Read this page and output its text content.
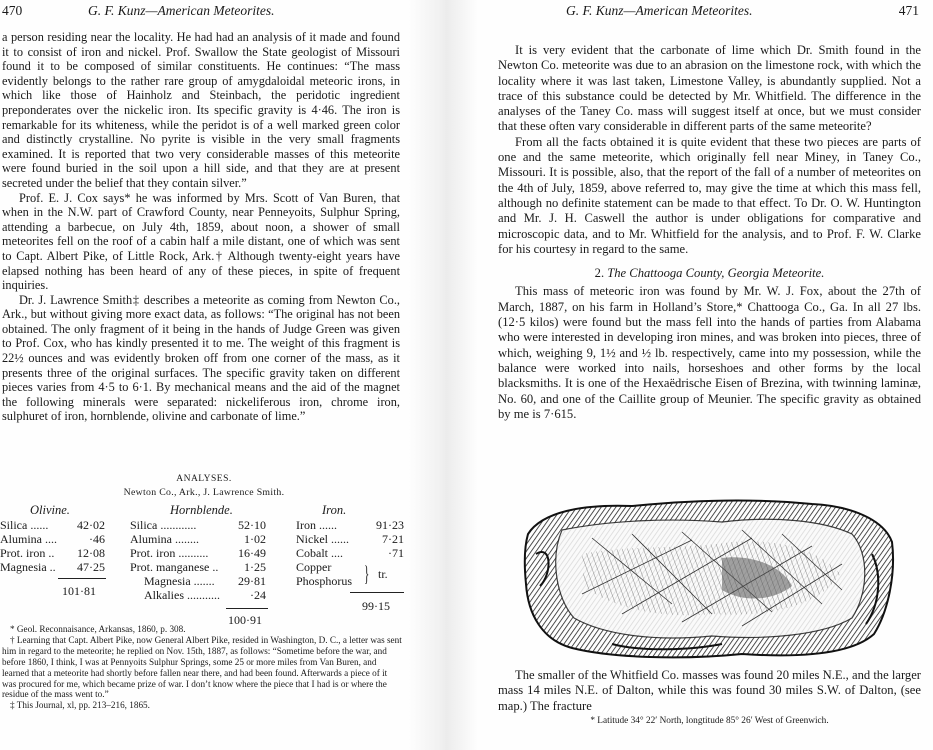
470	G. F. Kunz—American Meteorites.

a person residing near the locality. He had had an analysis of it made and found it to consist of iron and nickel. Prof. Swallow the State geologist of Missouri found it to be composed of similar constituents. He continues: “The mass evidently belongs to the rather rare group of amygdaloidal meteoric irons, in which like those of Hainholz and Steinbach, the peridotic ingredient preponderates over the nickelic iron. Its specific gravity is 4·46. The iron is remarkable for its whiteness, while the peridot is of a well marked green color and distinctly crystalline. No pyrite is visible in the very small fragments examined. It is reported that two very considerable masses of this meteorite were found buried in the soil upon a hill side, and that they are at present secreted under the belief that they contain silver.”

Prof. E. J. Cox says* he was informed by Mrs. Scott of Van Buren, that when in the N.W. part of Crawford County, near Penneyoits, Sulphur Spring, attending a barbecue, on July 4th, 1859, about noon, a shower of small meteorites fell on the roof of a cabin half a mile distant, one of which was sent to Capt. Albert Pike, of Little Rock, Ark.† Although twenty-eight years have elapsed nothing has been heard of any of these pieces, in spite of frequent inquiries.

Dr. J. Lawrence Smith‡ describes a meteorite as coming from Newton Co., Ark., but without giving more exact data, as follows: “The original has not been obtained. The only fragment of it being in the hands of Judge Green was given to Prof. Cox, who has kindly presented it to me. The weight of this fragment is 22½ ounces and was evidently broken off from one corner of the mass, as it presents three of the original surfaces. The specific gravity taken on different pieces varies from 4·5 to 6·1. By mechanical means and the aid of the magnet the following minerals were separated: nickeliferous iron, chrome iron, sulphuret of iron, hornblende, olivine and carbonate of lime.”

ANALYSES.
Newton Co., Ark., J. Lawrence Smith.
Olivine.	Hornblende.	Iron.
Silica ...... 42·02
Alumina ....	·46
Prot. iron .. 12·08
Magnesia .. 47·25
101·81
Silica ............	52·10
Alumina ........	1·02
Prot. iron .......... 16·49
Prot. manganese .. 1·25
Magnesia ....... 29·81
Alkalies ...........	·24
100·91
Iron ......	91·23
Nickel ......	7·21
Cobalt ....	·71
Copper
Phosphorus } tr.
99·15

* Geol. Reconnaisance, Arkansas, 1860, p. 308.

† Learning that Capt. Albert Pike, now General Albert Pike, resided in Washington, D. C., a letter was sent him in regard to the meteorite; he replied on Nov. 15th, 1887, as follows: “Sometime before the war, and before 1860, I think, I was at Pennyoits Sulphur Springs, some 25 or more miles from Van Buren, and learned that a meteorite had shortly before fallen near there, and had been found. Afterwards a piece of it was procured for me, which became prize of war. I don’t know where the piece that I had is or where the residue of the mass went to.”

‡ This Journal, xl, pp. 213–216, 1865.

G. F. Kunz—American Meteorites.	471

It is very evident that the carbonate of lime which Dr. Smith found in the Newton Co. meteorite was due to an abrasion on the limestone rock, with which the locality where it was last taken, Limestone Valley, is abundantly supplied. Not a trace of this substance could be detected by Mr. Whitfield. The difference in the analyses of the Taney Co. mass will suggest itself at once, but we must consider that these often vary considerable in different parts of the same meteorite?

From all the facts obtained it is quite evident that these two pieces are parts of one and the same meteorite, which originally fell near Miney, in Taney Co., Missouri. It is possible, also, that the report of the fall of a number of meteorites on the 4th of July, 1859, above referred to, may give the time at which this mass fell, although no definite statement can be made to that effect. To Dr. O. W. Huntington and Mr. J. H. Caswell the author is under obligations for comparative and microscopic data, and to Mr. Whitfield for the analysis, and to Prof. F. W. Clarke for his courtesy in regard to the same.

2. The Chattooga County, Georgia Meteorite.

This mass of meteoric iron was found by Mr. W. J. Fox, about the 27th of March, 1887, on his farm in Holland’s Store,* Chattooga Co., Ga. In all 27 lbs. (12·5 kilos) were found but the mass fell into the hands of parties from Alabama who were interested in developing iron mines, and was broken into pieces, three of which, weighing 9, 1½ and ½ lb. respectively, came into my possession, while the balance were worked into nails, horseshoes and other forms by the local blacksmiths. It is one of the Hexaëdrische Eisen of Brezina, with twinning laminæ, No. 60, and one of the Caillite group of Meunier. The specific gravity as obtained by me is 7·615.

The smaller of the Whitfield Co. masses was found 20 miles N.E., and the larger mass 14 miles N.E. of Dalton, while this was found 30 miles S.W. of Dalton, (see map.) The fracture

* Latitude 34° 22′ North, longtitude 85° 26′ West of Greenwich.
